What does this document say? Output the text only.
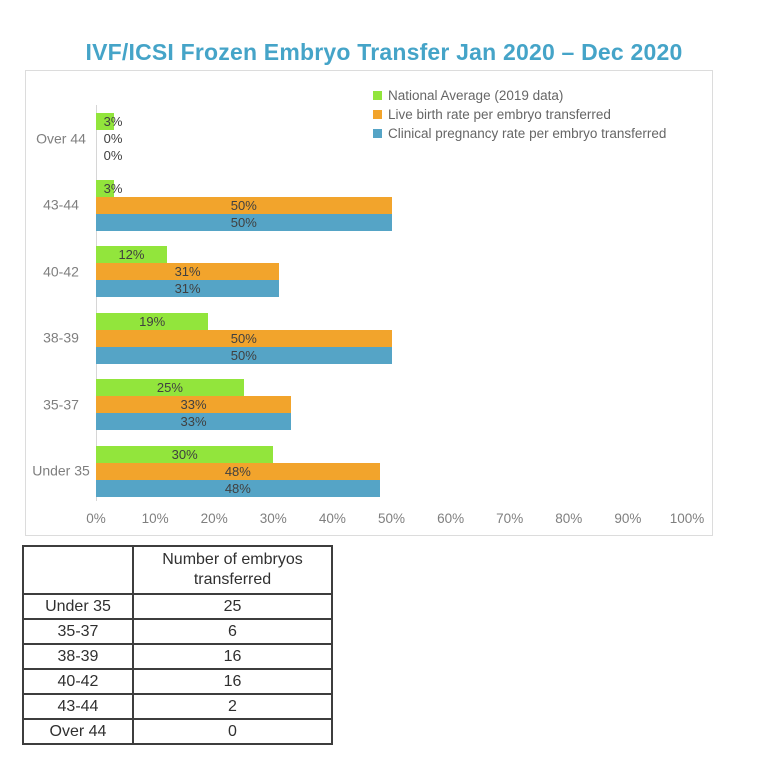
IVF/ICSI Frozen Embryo Transfer Jan 2020 – Dec 2020
National Average (2019 data)
Live birth rate per embryo transferred
Clinical pregnancy rate per embryo transferred
Over 44
3%
0%
0%
43-44
3%
50%
50%
40-42
12%
31%
31%
38-39
19%
50%
50%
35-37
25%
33%
33%
Under 35
30%
48%
48%
0%	10% 20% 30% 40% 50% 60% 70% 80% 90% 100%
	Number of embryos transferred
Under 35	25
35-37	6
38-39	16
40-42	16
43-44	2
Over 44	0
